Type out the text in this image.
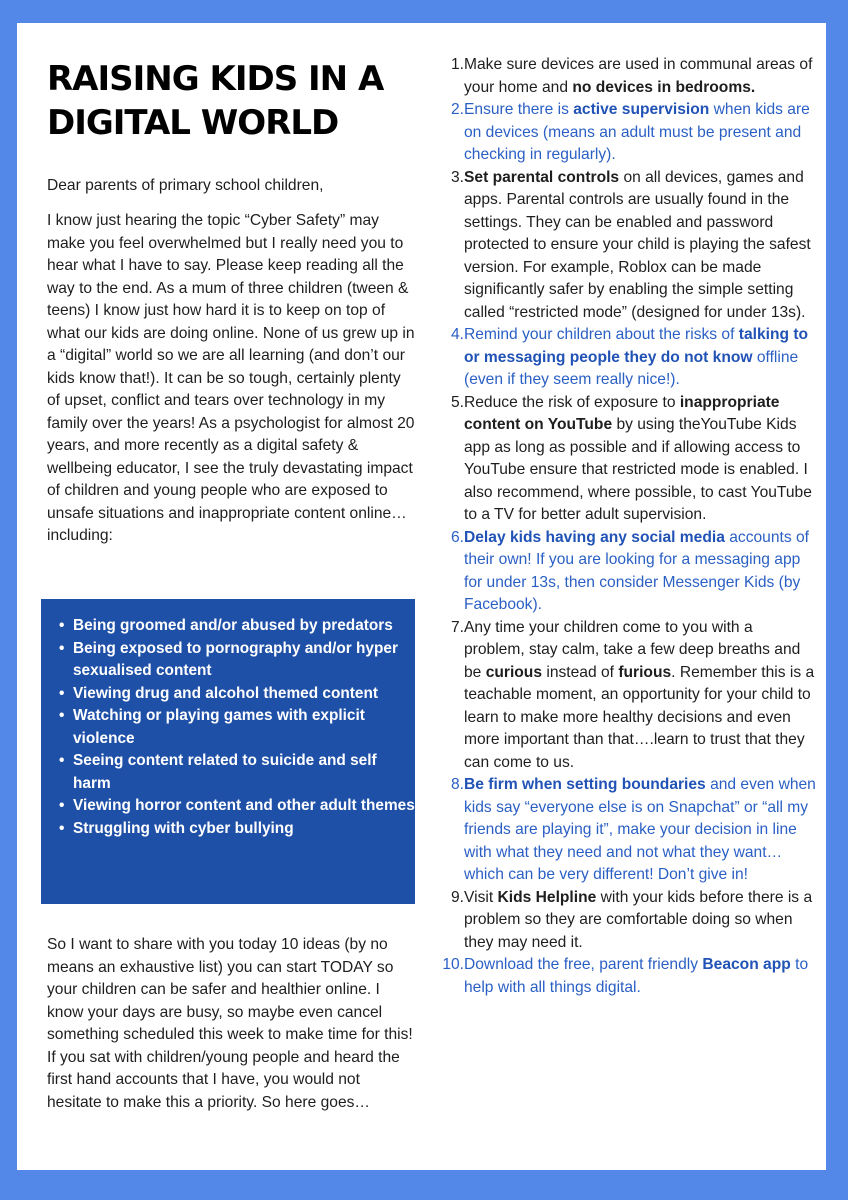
RAISING KIDS IN A DIGITAL WORLD

Dear parents of primary school children,

I know just hearing the topic “Cyber Safety” may make you feel overwhelmed but I really need you to hear what I have to say. Please keep reading all the way to the end. As a mum of three children (tween & teens) I know just how hard it is to keep on top of what our kids are doing online. None of us grew up in a “digital” world so we are all learning (and don’t our kids know that!). It can be so tough, certainly plenty of upset, conflict and tears over technology in my family over the years! As a psychologist for almost 20 years, and more recently as a digital safety & wellbeing educator, I see the truly devastating impact of children and young people who are exposed to unsafe situations and inappropriate content online…including:

• Being groomed and/or abused by predators
• Being exposed to pornography and/or hyper sexualised content
• Viewing drug and alcohol themed content
• Watching or playing games with explicit violence
• Seeing content related to suicide and self harm
• Viewing horror content and other adult themes
• Struggling with cyber bullying

So I want to share with you today 10 ideas (by no means an exhaustive list) you can start TODAY so your children can be safer and healthier online. I know your days are busy, so maybe even cancel something scheduled this week to make time for this! If you sat with children/young people and heard the first hand accounts that I have, you would not hesitate to make this a priority. So here goes…

1. Make sure devices are used in communal areas of your home and no devices in bedrooms.

2. Ensure there is active supervision when kids are on devices (means an adult must be present and checking in regularly).

3. Set parental controls on all devices, games and apps. Parental controls are usually found in the settings. They can be enabled and password protected to ensure your child is playing the safest version. For example, Roblox can be made significantly safer by enabling the simple setting called “restricted mode” (designed for under 13s).

4. Remind your children about the risks of talking to or messaging people they do not know offline (even if they seem really nice!).

5. Reduce the risk of exposure to inappropriate content on YouTube by using theYouTube Kids app as long as possible and if allowing access to YouTube ensure that restricted mode is enabled. I also recommend, where possible, to cast YouTube to a TV for better adult supervision.

6. Delay kids having any social media accounts of their own! If you are looking for a messaging app for under 13s, then consider Messenger Kids (by Facebook).

7. Any time your children come to you with a problem, stay calm, take a few deep breaths and be curious instead of furious. Remember this is a teachable moment, an opportunity for your child to learn to make more healthy decisions and even more important than that….learn to trust that they can come to us.

8. Be firm when setting boundaries and even when kids say “everyone else is on Snapchat” or “all my friends are playing it”, make your decision in line with what they need and not what they want… which can be very different! Don’t give in!

9. Visit Kids Helpline with your kids before there is a problem so they are comfortable doing so when they may need it.

10. Download the free, parent friendly Beacon app to help with all things digital.
